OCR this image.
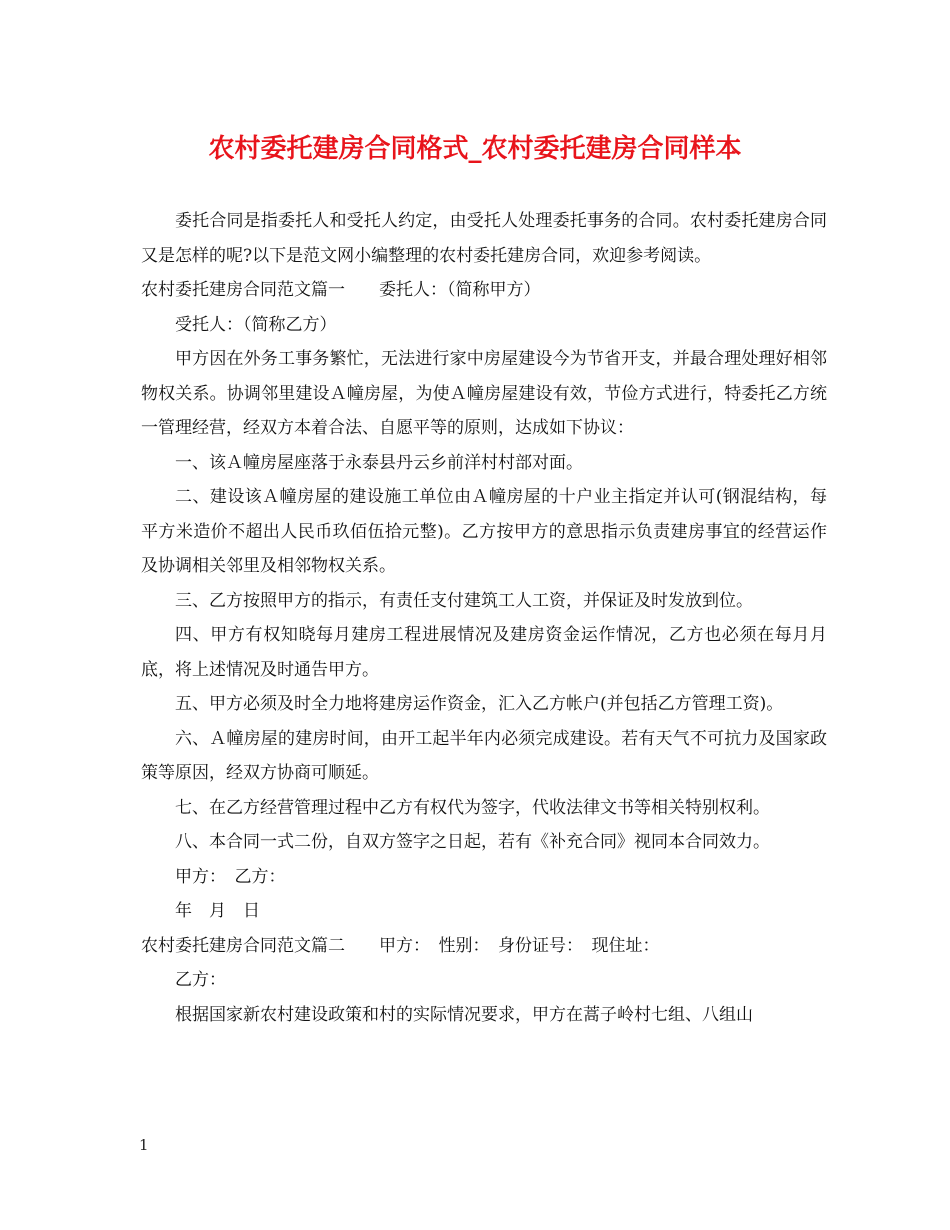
农村委托建房合同格式_农村委托建房合同样本

委托合同是指委托人和受托人约定，由受托人处理委托事务的合同。农村委托建房合同又是怎样的呢?以下是范文网小编整理的农村委托建房合同，欢迎参考阅读。

农村委托建房合同范文篇一 委托人：（简称甲方）

受托人：（简称乙方）

甲方因在外务工事务繁忙，无法进行家中房屋建设今为节省开支，并最合理处理好相邻物权关系。协调邻里建设Ａ幢房屋，为使Ａ幢房屋建设有效，节俭方式进行，特委托乙方统一管理经营，经双方本着合法、自愿平等的原则，达成如下协议：

一、该Ａ幢房屋座落于永泰县丹云乡前洋村村部对面。

二、建设该Ａ幢房屋的建设施工单位由Ａ幢房屋的十户业主指定并认可(钢混结构，每平方米造价不超出人民币玖佰伍拾元整)。乙方按甲方的意思指示负责建房事宜的经营运作及协调相关邻里及相邻物权关系。

三、乙方按照甲方的指示，有责任支付建筑工人工资，并保证及时发放到位。

四、甲方有权知晓每月建房工程进展情况及建房资金运作情况，乙方也必须在每月月底，将上述情况及时通告甲方。

五、甲方必须及时全力地将建房运作资金，汇入乙方帐户(并包括乙方管理工资)。

六、Ａ幢房屋的建房时间，由开工起半年内必须完成建设。若有天气不可抗力及国家政策等原因，经双方协商可顺延。

七、在乙方经营管理过程中乙方有权代为签字，代收法律文书等相关特别权利。

八、本合同一式二份，自双方签字之日起，若有《补充合同》视同本合同效力。

甲方：　乙方：

年　月　日

农村委托建房合同范文篇二 甲方：　性别：　身份证号：　现住址：

乙方：

根据国家新农村建设政策和村的实际情况要求，甲方在蒿子岭村七组、八组山

1
